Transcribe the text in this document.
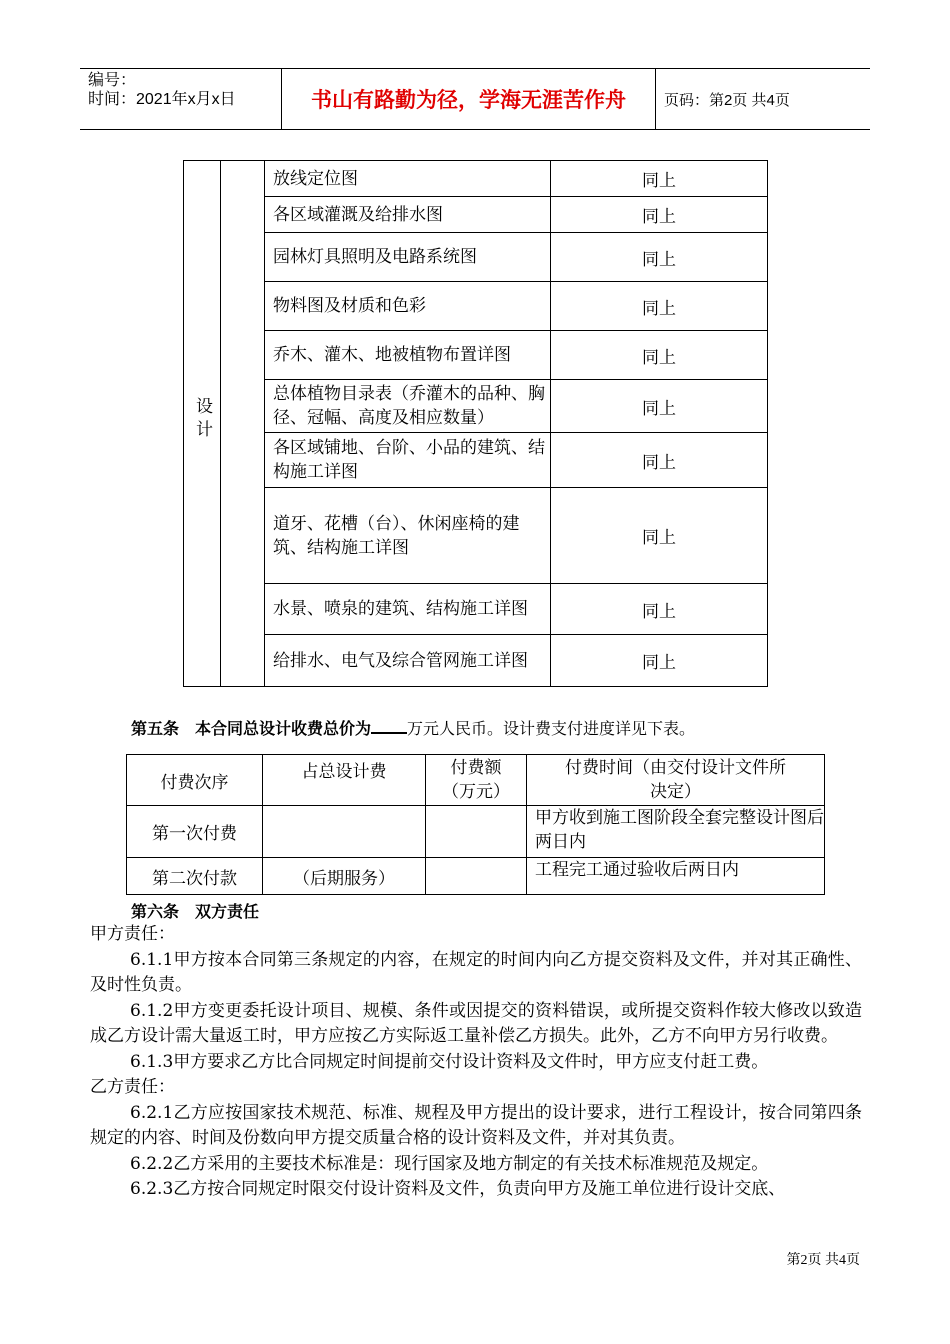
编号：
时间：2021年x月x日	书山有路勤为径，学海无涯苦作舟	页码：第2页 共4页
设计		放线定位图	同上
		各区域灌溉及给排水图	同上
		园林灯具照明及电路系统图	同上
		物料图及材质和色彩	同上
		乔木、灌木、地被植物布置详图	同上
		总体植物目录表（乔灌木的品种、胸径、冠幅、高度及相应数量）	同上
		各区域铺地、台阶、小品的建筑、结构施工详图	同上
		道牙、花槽（台）、休闲座椅的建筑、结构施工详图	同上
		水景、喷泉的建筑、结构施工详图	同上
		给排水、电气及综合管网施工详图	同上
第五条　本合同总设计收费总价为 万元人民币。设计费支付进度详见下表。
付费次序	占总设计费	付费额（万元）	付费时间（由交付设计文件所决定）
第一次付费			甲方收到施工图阶段全套完整设计图后两日内
第二次付款	（后期服务）		工程完工通过验收后两日内
第六条　双方责任

甲方责任：

6.1.1甲方按本合同第三条规定的内容，在规定的时间内向乙方提交资料及文件，并对其正确性、及时性负责。

6.1.2甲方变更委托设计项目、规模、条件或因提交的资料错误，或所提交资料作较大修改以致造成乙方设计需大量返工时，甲方应按乙方实际返工量补偿乙方损失。此外，乙方不向甲方另行收费。

6.1.3甲方要求乙方比合同规定时间提前交付设计资料及文件时，甲方应支付赶工费。

乙方责任：

6.2.1乙方应按国家技术规范、标准、规程及甲方提出的设计要求，进行工程设计，按合同第四条规定的内容、时间及份数向甲方提交质量合格的设计资料及文件，并对其负责。

6.2.2乙方采用的主要技术标准是：现行国家及地方制定的有关技术标准规范及规定。

6.2.3乙方按合同规定时限交付设计资料及文件，负责向甲方及施工单位进行设计交底、

第2页 共4页
